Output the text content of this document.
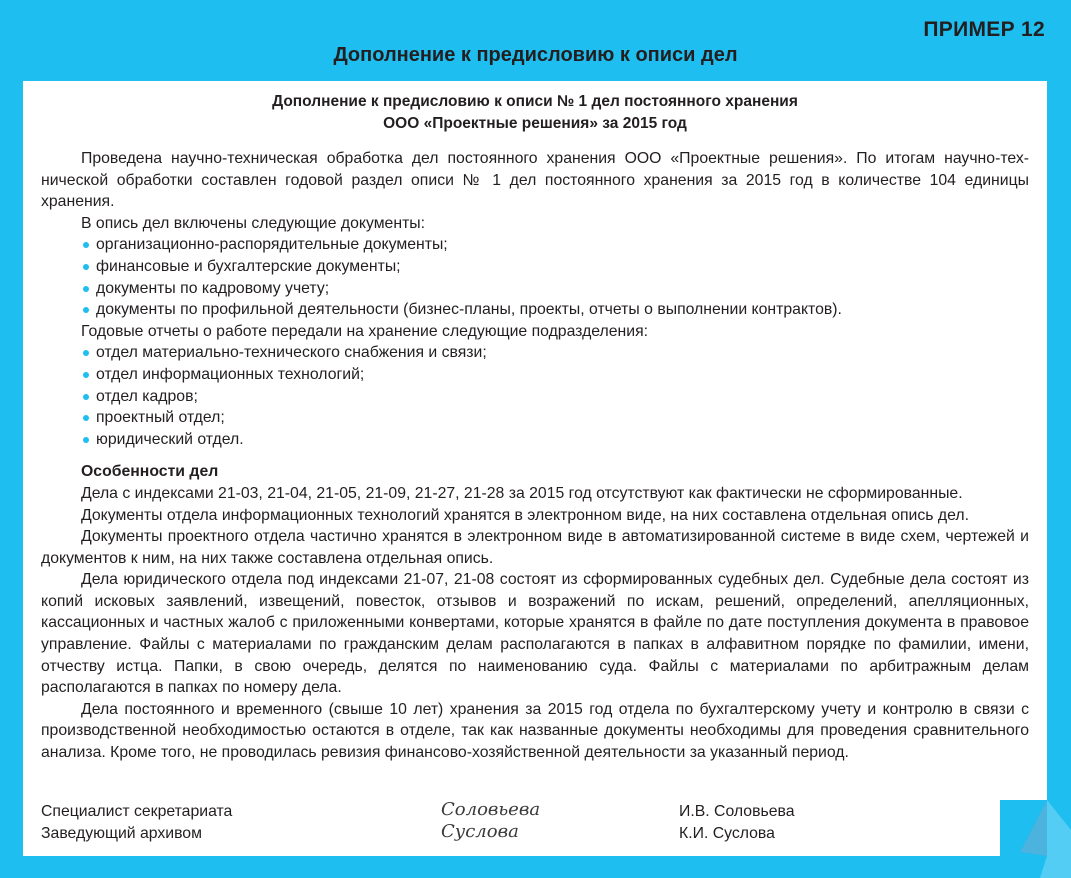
ПРИМЕР 12
Дополнение к предисловию к описи дел
Дополнение к предисловию к описи № 1 дел постоянного хранения
ООО «Проектные решения» за 2015 год

Проведена научно-техническая обработка дел постоянного хранения ООО «Проектные решения». По итогам научно-технической обработки составлен годовой раздел описи № 1 дел постоянного хранения за 2015 год в количестве 104 единицы хранения.

В опись дел включены следующие документы:

организационно-распорядительные документы;
финансовые и бухгалтерские документы;
документы по кадровому учету;
документы по профильной деятельности (бизнес-планы, проекты, отчеты о выполнении контрактов).

Годовые отчеты о работе передали на хранение следующие подразделения:

отдел материально-технического снабжения и связи;
отдел информационных технологий;
отдел кадров;
проектный отдел;
юридический отдел.

Особенности дел

Дела с индексами 21-03, 21-04, 21-05, 21-09, 21-27, 21-28 за 2015 год отсутствуют как фактически не сформированные.

Документы отдела информационных технологий хранятся в электронном виде, на них составлена отдельная опись дел.

Документы проектного отдела частично хранятся в электронном виде в автоматизированной системе в виде схем, чертежей и документов к ним, на них также составлена отдельная опись.

Дела юридического отдела под индексами 21-07, 21-08 состоят из сформированных судебных дел. Судебные дела состоят из копий исковых заявлений, извещений, повесток, отзывов и возражений по искам, решений, определений, апелляционных, кассационных и частных жалоб с приложенными конвертами, которые хранятся в файле по дате поступления документа в правовое управление. Файлы с материалами по гражданским делам располагаются в папках в алфавитном порядке по фамилии, имени, отчеству истца. Папки, в свою очередь, делятся по наименованию суда. Файлы с материалами по арбитражным делам располагаются в папках по номеру дела.

Дела постоянного и временного (свыше 10 лет) хранения за 2015 год отдела по бухгалтерскому учету и контролю в связи с производственной необходимостью остаются в отделе, так как названные документы необходимы для проведения сравнительного анализа. Кроме того, не проводилась ревизия финансово-хозяйственной деятельности за указанный период.

Специалист секретариата	Соловьева	И.В. Соловьева
Заведующий архивом	Суслова	К.И. Суслова
